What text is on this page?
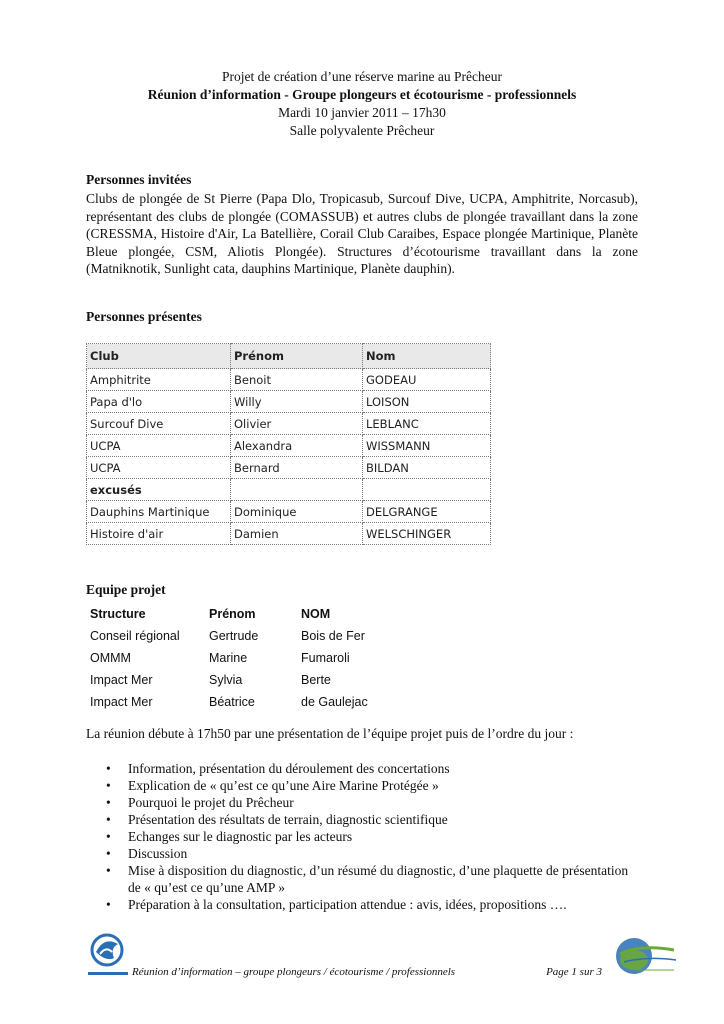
Projet de création d’une réserve marine au Prêcheur
Réunion d’information - Groupe plongeurs et écotourisme - professionnels
Mardi 10 janvier 2011 – 17h30
Salle polyvalente Prêcheur
Personnes invitées
Clubs de plongée de St Pierre (Papa Dlo, Tropicasub, Surcouf Dive, UCPA, Amphitrite, Norcasub), représentant des clubs de plongée (COMASSUB) et autres clubs de plongée travaillant dans la zone (CRESSMA, Histoire d'Air, La Batellière, Corail Club Caraibes, Espace plongée Martinique, Planète Bleue plongée, CSM, Aliotis Plongée). Structures d’écotourisme travaillant dans la zone (Matniknotik, Sunlight cata, dauphins Martinique, Planète dauphin).
Personnes présentes
Club	Prénom	Nom
Amphitrite	Benoit	GODEAU
Papa d'lo	Willy	LOISON
Surcouf Dive	Olivier	LEBLANC
UCPA	Alexandra	WISSMANN
UCPA	Bernard	BILDAN
excusés		
Dauphins Martinique	Dominique	DELGRANGE
Histoire d'air	Damien	WELSCHINGER
Equipe projet
Structure	Prénom	NOM
Conseil régional	Gertrude	Bois de Fer
OMMM	Marine	Fumaroli
Impact Mer	Sylvia	Berte
Impact Mer	Béatrice	de Gaulejac
La réunion débute à 17h50 par une présentation de l’équipe projet puis de l’ordre du jour :
• Information, présentation du déroulement des concertations
• Explication de « qu’est ce qu’une Aire Marine Protégée »
• Pourquoi le projet du Prêcheur
• Présentation des résultats de terrain, diagnostic scientifique
• Echanges sur le diagnostic par les acteurs
• Discussion
• Mise à disposition du diagnostic, d’un résumé du diagnostic, d’une plaquette de présentation de « qu’est ce qu’une AMP »
• Préparation à la consultation, participation attendue : avis, idées, propositions ….
Réunion d’information – groupe plongeurs / écotourisme / professionnels	Page 1 sur 3
